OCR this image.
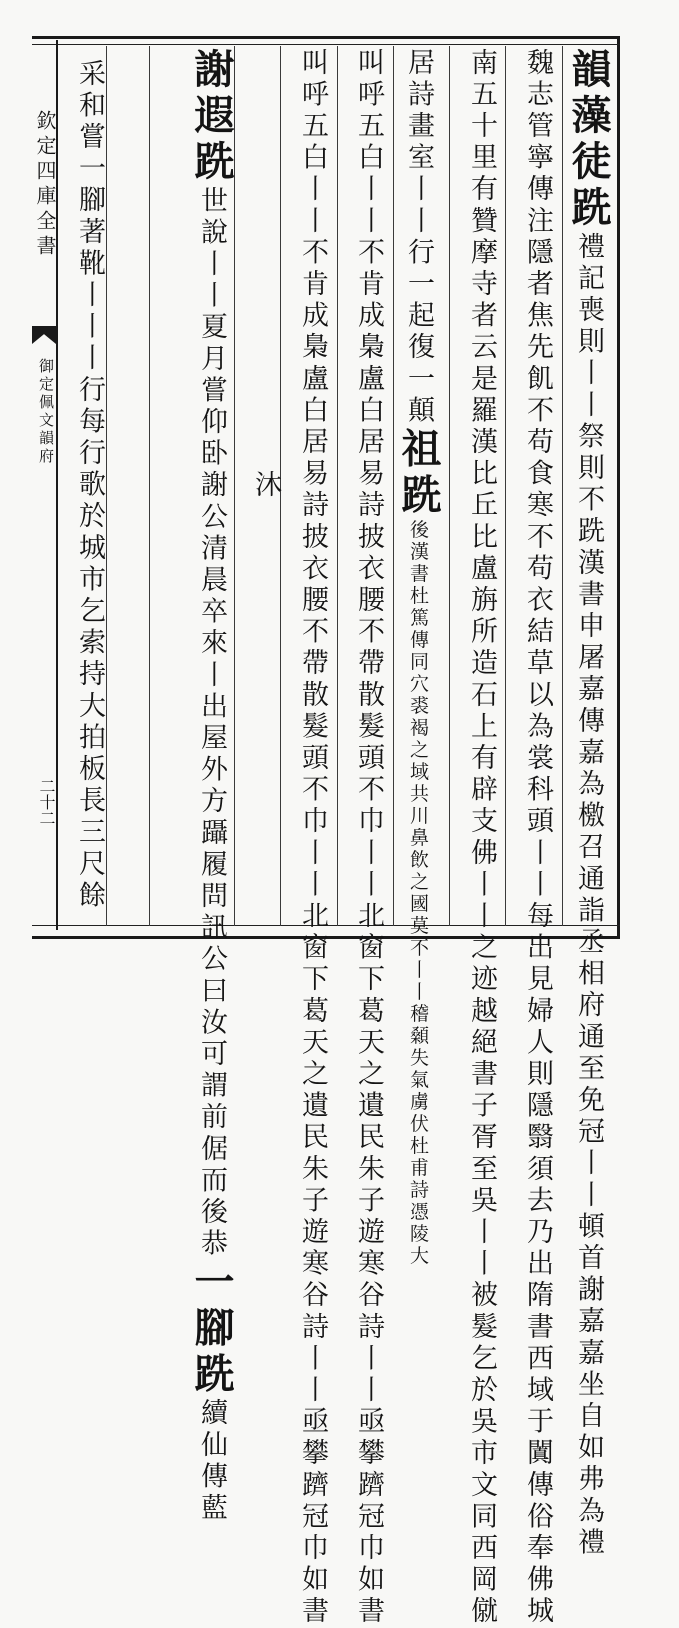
欽定四庫全書
御定佩文韻府
二十二
韻藻徒跣禮記喪則丨丨祭則不跣漢書申屠嘉傳嘉為檄召通詣丞相府通至免冠丨丨頓首謝嘉嘉坐自如弗為禮
魏志管寧傳注隱者焦先飢不苟食寒不苟衣結草以為裳科頭丨丨每出見婦人則隱翳須去乃出隋書西域于闐傳俗奉佛城
南五十里有贊摩寺者云是羅漢比丘比盧旃所造石上有辟支佛丨丨之迹越絕書子胥至吳丨丨被髮乞於吳市文同西岡僦
居詩畫室丨丨行一起復一顛祖跣後漢書杜篤傳同穴裘褐之域共川鼻飲之國莫不丨丨稽顙失氣虜伏杜甫詩憑陵大
叫呼五白丨丨不肯成梟盧白居易詩披衣腰不帶散髮頭不巾丨丨北窗下葛天之遺民朱子遊寒谷詩丨丨亟攀躋冠巾如書
叫呼五白丨丨不肯成梟盧白居易詩披衣腰不帶散髮頭不巾丨丨北窗下葛天之遺民朱子遊寒谷詩丨丨亟攀躋冠巾如書
沐
謝遐跣世說丨丨夏月嘗仰卧謝公清晨卒來丨出屋外方躡履問訊公曰汝可謂前倨而後恭一腳跣續仙傳藍
采和嘗一腳著靴丨丨丨行每行歌於城市乞索持大拍板長三尺餘
